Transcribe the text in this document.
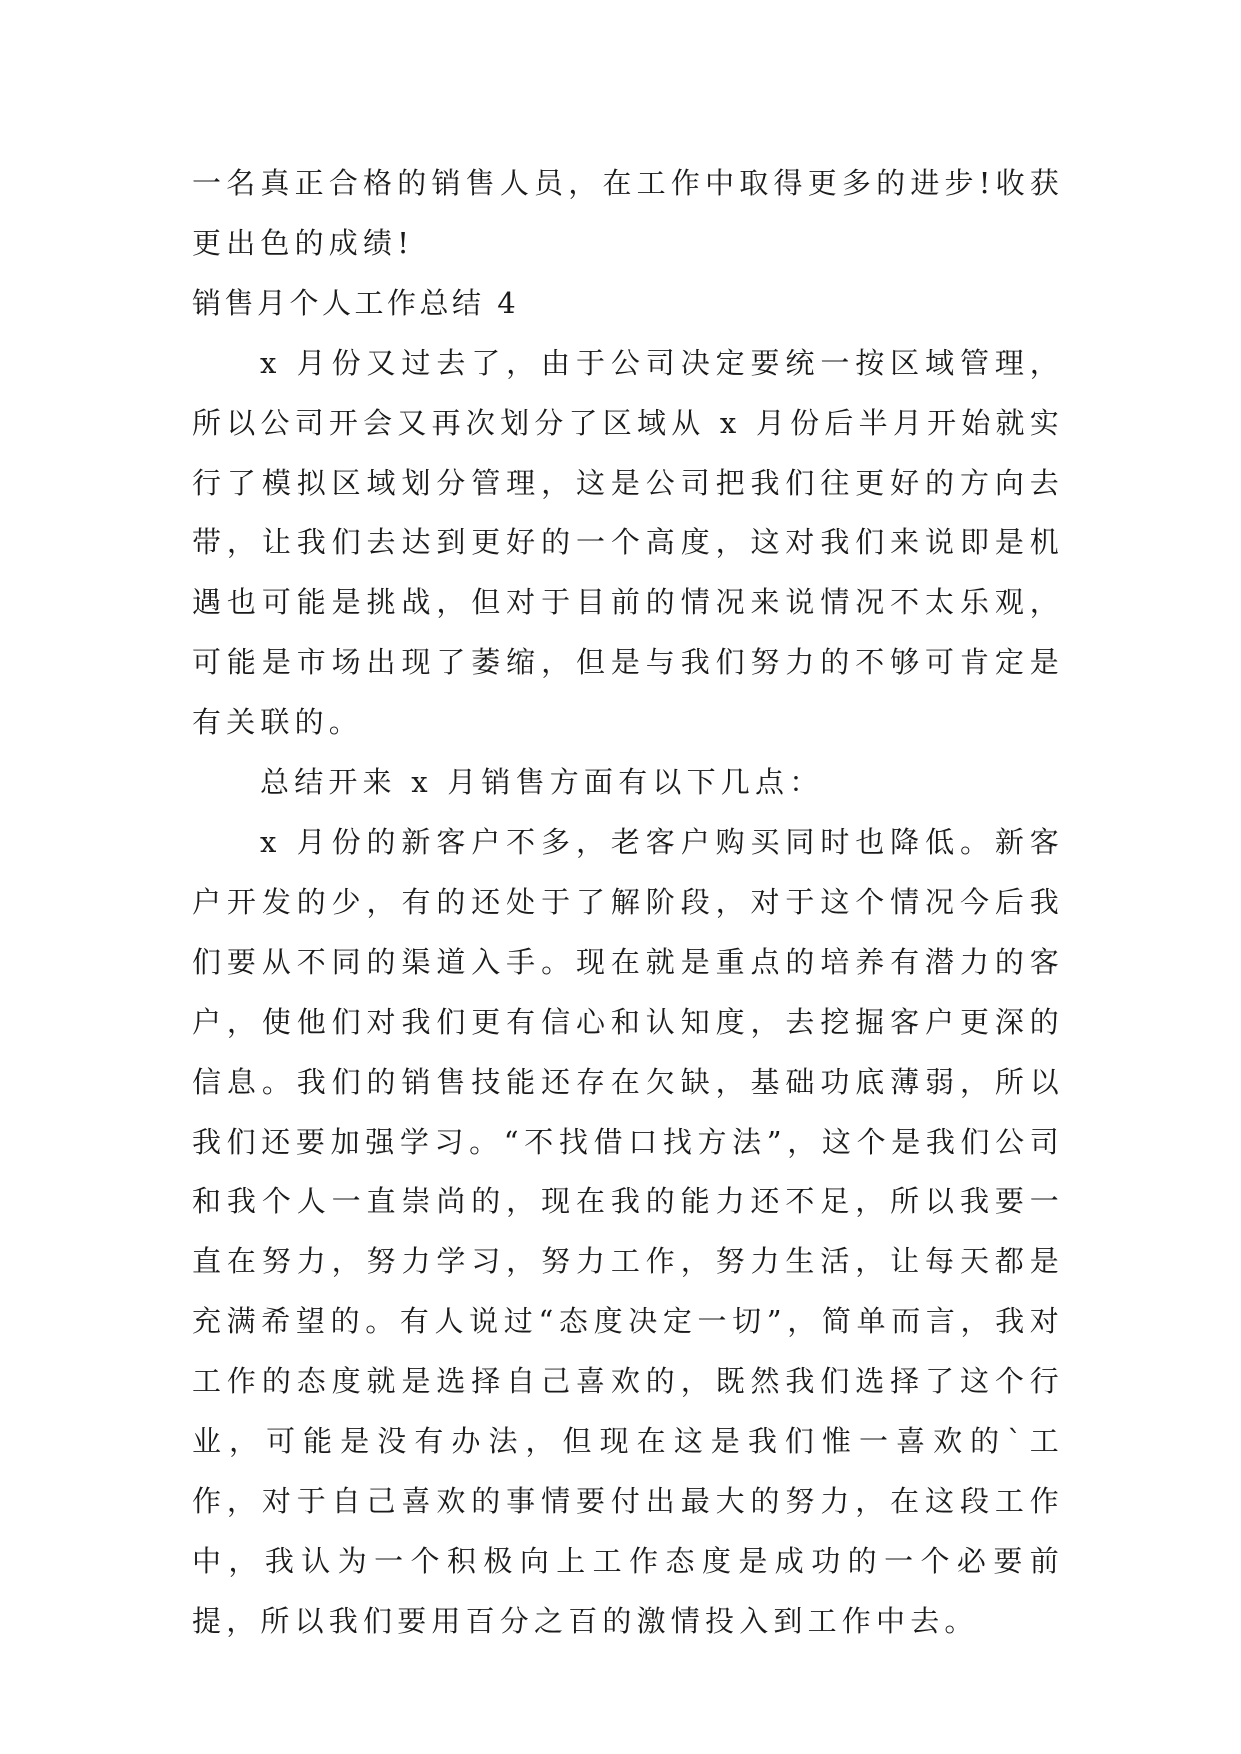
一名真正合格的销售人员，在工作中取得更多的进步!收获更出色的成绩!

销售月个人工作总结 4

x 月份又过去了，由于公司决定要统一按区域管理，所以公司开会又再次划分了区域从 x 月份后半月开始就实行了模拟区域划分管理，这是公司把我们往更好的方向去带，让我们去达到更好的一个高度，这对我们来说即是机遇也可能是挑战，但对于目前的情况来说情况不太乐观，可能是市场出现了萎缩，但是与我们努力的不够可肯定是有关联的。

总结开来 x 月销售方面有以下几点：

x 月份的新客户不多，老客户购买同时也降低。新客户开发的少，有的还处于了解阶段，对于这个情况今后我们要从不同的渠道入手。现在就是重点的培养有潜力的客户，使他们对我们更有信心和认知度，去挖掘客户更深的信息。我们的销售技能还存在欠缺，基础功底薄弱，所以我们还要加强学习。“不找借口找方法”，这个是我们公司和我个人一直崇尚的，现在我的能力还不足，所以我要一直在努力，努力学习，努力工作，努力生活，让每天都是充满希望的。有人说过“态度决定一切”，简单而言，我对工作的态度就是选择自己喜欢的，既然我们选择了这个行业，可能是没有办法，但现在这是我们惟一喜欢的`工作，对于自己喜欢的事情要付出最大的努力，在这段工作中，我认为一个积极向上工作态度是成功的一个必要前提，所以我们要用百分之百的激情投入到工作中去。
